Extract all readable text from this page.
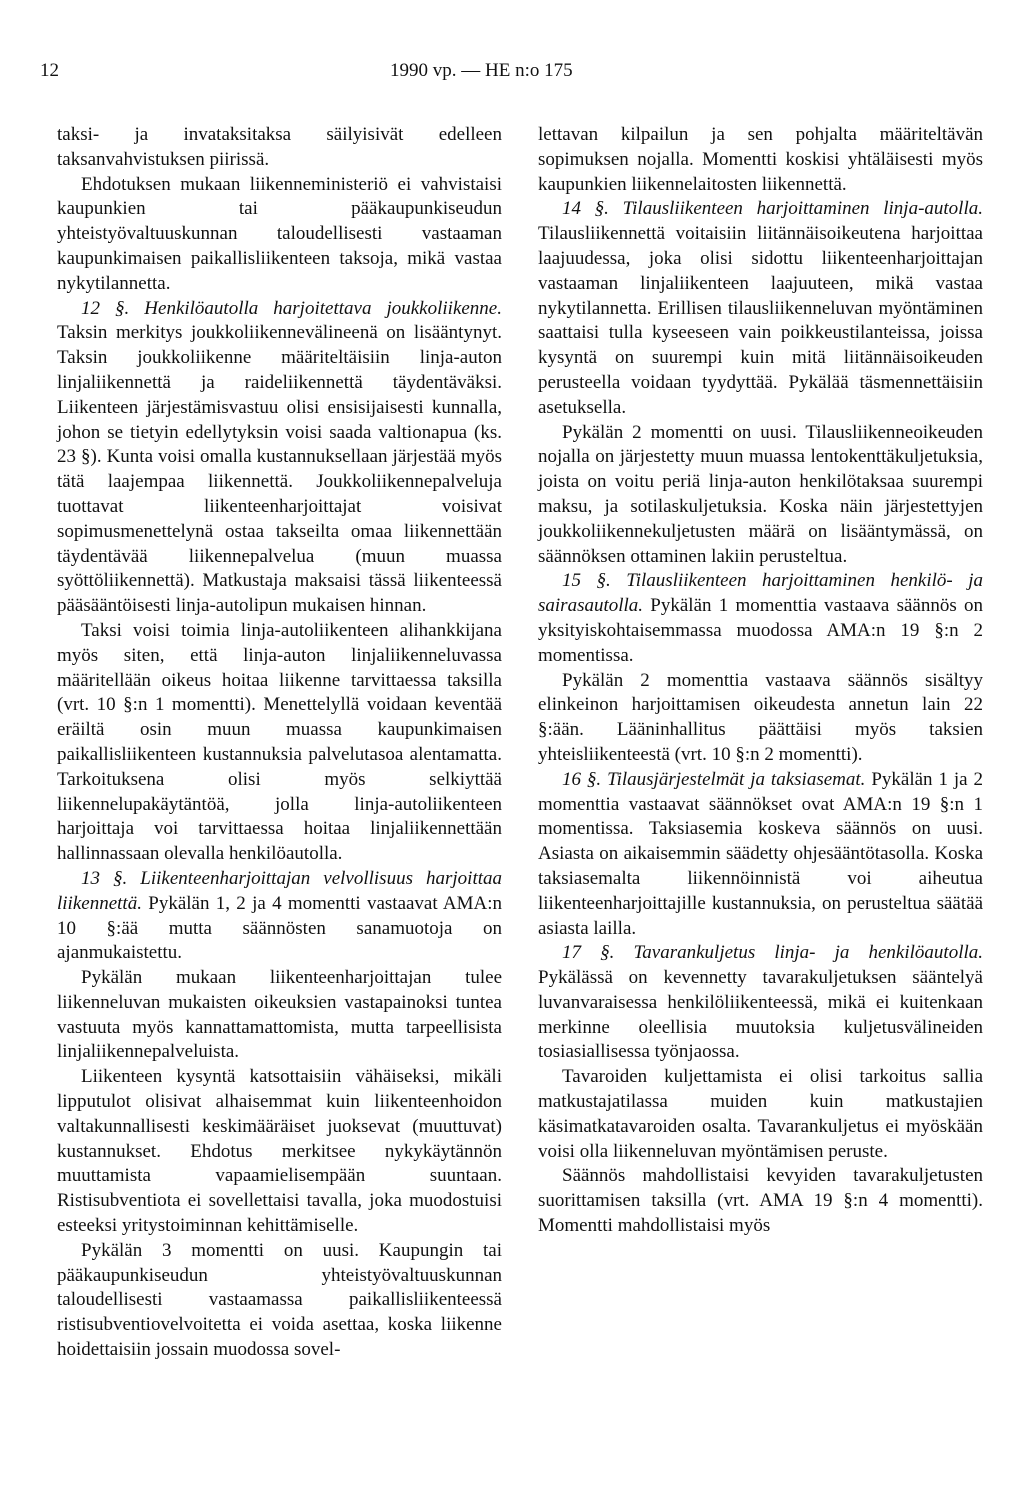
12	1990 vp. — HE n:o 175

taksi- ja invataksitaksa säilyisivät edelleen taksanvahvistuksen piirissä.

Ehdotuksen mukaan liikenneministeriö ei vahvistaisi kaupunkien tai pääkaupunkiseudun yhteistyövaltuuskunnan taloudellisesti vastaaman kaupunkimaisen paikallisliikenteen taksoja, mikä vastaa nykytilannetta.

12 §. Henkilöautolla harjoitettava joukkoliikenne. Taksin merkitys joukkoliikennevälineenä on lisääntynyt. Taksin joukkoliikenne määriteltäisiin linja-auton linjaliikennettä ja raideliikennettä täydentäväksi. Liikenteen järjestämisvastuu olisi ensisijaisesti kunnalla, johon se tietyin edellytyksin voisi saada valtionapua (ks. 23 §). Kunta voisi omalla kustannuksellaan järjestää myös tätä laajempaa liikennettä. Joukkoliikennepalveluja tuottavat liikenteenharjoittajat voisivat sopimusmenettelynä ostaa takseilta omaa liikennettään täydentävää liikennepalvelua (muun muassa syöttöliikennettä). Matkustaja maksaisi tässä liikenteessä pääsääntöisesti linja-autolipun mukaisen hinnan.

Taksi voisi toimia linja-autoliikenteen alihankkijana myös siten, että linja-auton linjaliikenneluvassa määritellään oikeus hoitaa liikenne tarvittaessa taksilla (vrt. 10 §:n 1 momentti). Menettelyllä voidaan keventää eräiltä osin muun muassa kaupunkimaisen paikallisliikenteen kustannuksia palvelutasoa alentamatta. Tarkoituksena olisi myös selkiyttää liikennelupakäytäntöä, jolla linja-autoliikenteen harjoittaja voi tarvittaessa hoitaa linjaliikennettään hallinnassaan olevalla henkilöautolla.

13 §. Liikenteenharjoittajan velvollisuus harjoittaa liikennettä. Pykälän 1, 2 ja 4 momentti vastaavat AMA:n 10 §:ää mutta säännösten sanamuotoja on ajanmukaistettu.

Pykälän mukaan liikenteenharjoittajan tulee liikenneluvan mukaisten oikeuksien vastapainoksi tuntea vastuuta myös kannattamattomista, mutta tarpeellisista linjaliikennepalveluista.

Liikenteen kysyntä katsottaisiin vähäiseksi, mikäli lipputulot olisivat alhaisemmat kuin liikenteenhoidon valtakunnallisesti keskimääräiset juoksevat (muuttuvat) kustannukset. Ehdotus merkitsee nykykäytännön muuttamista vapaamielisempään suuntaan. Ristisubventiota ei sovellettaisi tavalla, joka muodostuisi esteeksi yritystoiminnan kehittämiselle.

Pykälän 3 momentti on uusi. Kaupungin tai pääkaupunkiseudun yhteistyövaltuuskunnan taloudellisesti vastaamassa paikallisliikenteessä ristisubventiovelvoitetta ei voida asettaa, koska liikenne hoidettaisiin jossain muodossa sovel-

lettavan kilpailun ja sen pohjalta määriteltävän sopimuksen nojalla. Momentti koskisi yhtäläisesti myös kaupunkien liikennelaitosten liikennettä.

14 §. Tilausliikenteen harjoittaminen linja-autolla. Tilausliikennettä voitaisiin liitännäisoikeutena harjoittaa laajuudessa, joka olisi sidottu liikenteenharjoittajan vastaaman linjaliikenteen laajuuteen, mikä vastaa nykytilannetta. Erillisen tilausliikenneluvan myöntäminen saattaisi tulla kyseeseen vain poikkeustilanteissa, joissa kysyntä on suurempi kuin mitä liitännäisoikeuden perusteella voidaan tyydyttää. Pykälää täsmennettäisiin asetuksella.

Pykälän 2 momentti on uusi. Tilausliikenneoikeuden nojalla on järjestetty muun muassa lentokenttäkuljetuksia, joista on voitu periä linja-auton henkilötaksaa suurempi maksu, ja sotilaskuljetuksia. Koska näin järjestettyjen joukkoliikennekuljetusten määrä on lisääntymässä, on säännöksen ottaminen lakiin perusteltua.

15 §. Tilausliikenteen harjoittaminen henkilö- ja sairasautolla. Pykälän 1 momenttia vastaava säännös on yksityiskohtaisemmassa muodossa AMA:n 19 §:n 2 momentissa.

Pykälän 2 momenttia vastaava säännös sisältyy elinkeinon harjoittamisen oikeudesta annetun lain 22 §:ään. Lääninhallitus päättäisi myös taksien yhteisliikenteestä (vrt. 10 §:n 2 momentti).

16 §. Tilausjärjestelmät ja taksiasemat. Pykälän 1 ja 2 momenttia vastaavat säännökset ovat AMA:n 19 §:n 1 momentissa. Taksiasemia koskeva säännös on uusi. Asiasta on aikaisemmin säädetty ohjesääntötasolla. Koska taksiasemalta liikennöinnistä voi aiheutua liikenteenharjoittajille kustannuksia, on perusteltua säätää asiasta lailla.

17 §. Tavarankuljetus linja- ja henkilöautolla. Pykälässä on kevennetty tavarakuljetuksen sääntelyä luvanvaraisessa henkilöliikenteessä, mikä ei kuitenkaan merkinne oleellisia muutoksia kuljetusvälineiden tosiasiallisessa työnjaossa.

Tavaroiden kuljettamista ei olisi tarkoitus sallia matkustajatilassa muiden kuin matkustajien käsimatkatavaroiden osalta. Tavarankuljetus ei myöskään voisi olla liikenneluvan myöntämisen peruste.

Säännös mahdollistaisi kevyiden tavarakuljetusten suorittamisen taksilla (vrt. AMA 19 §:n 4 momentti). Momentti mahdollistaisi myös
